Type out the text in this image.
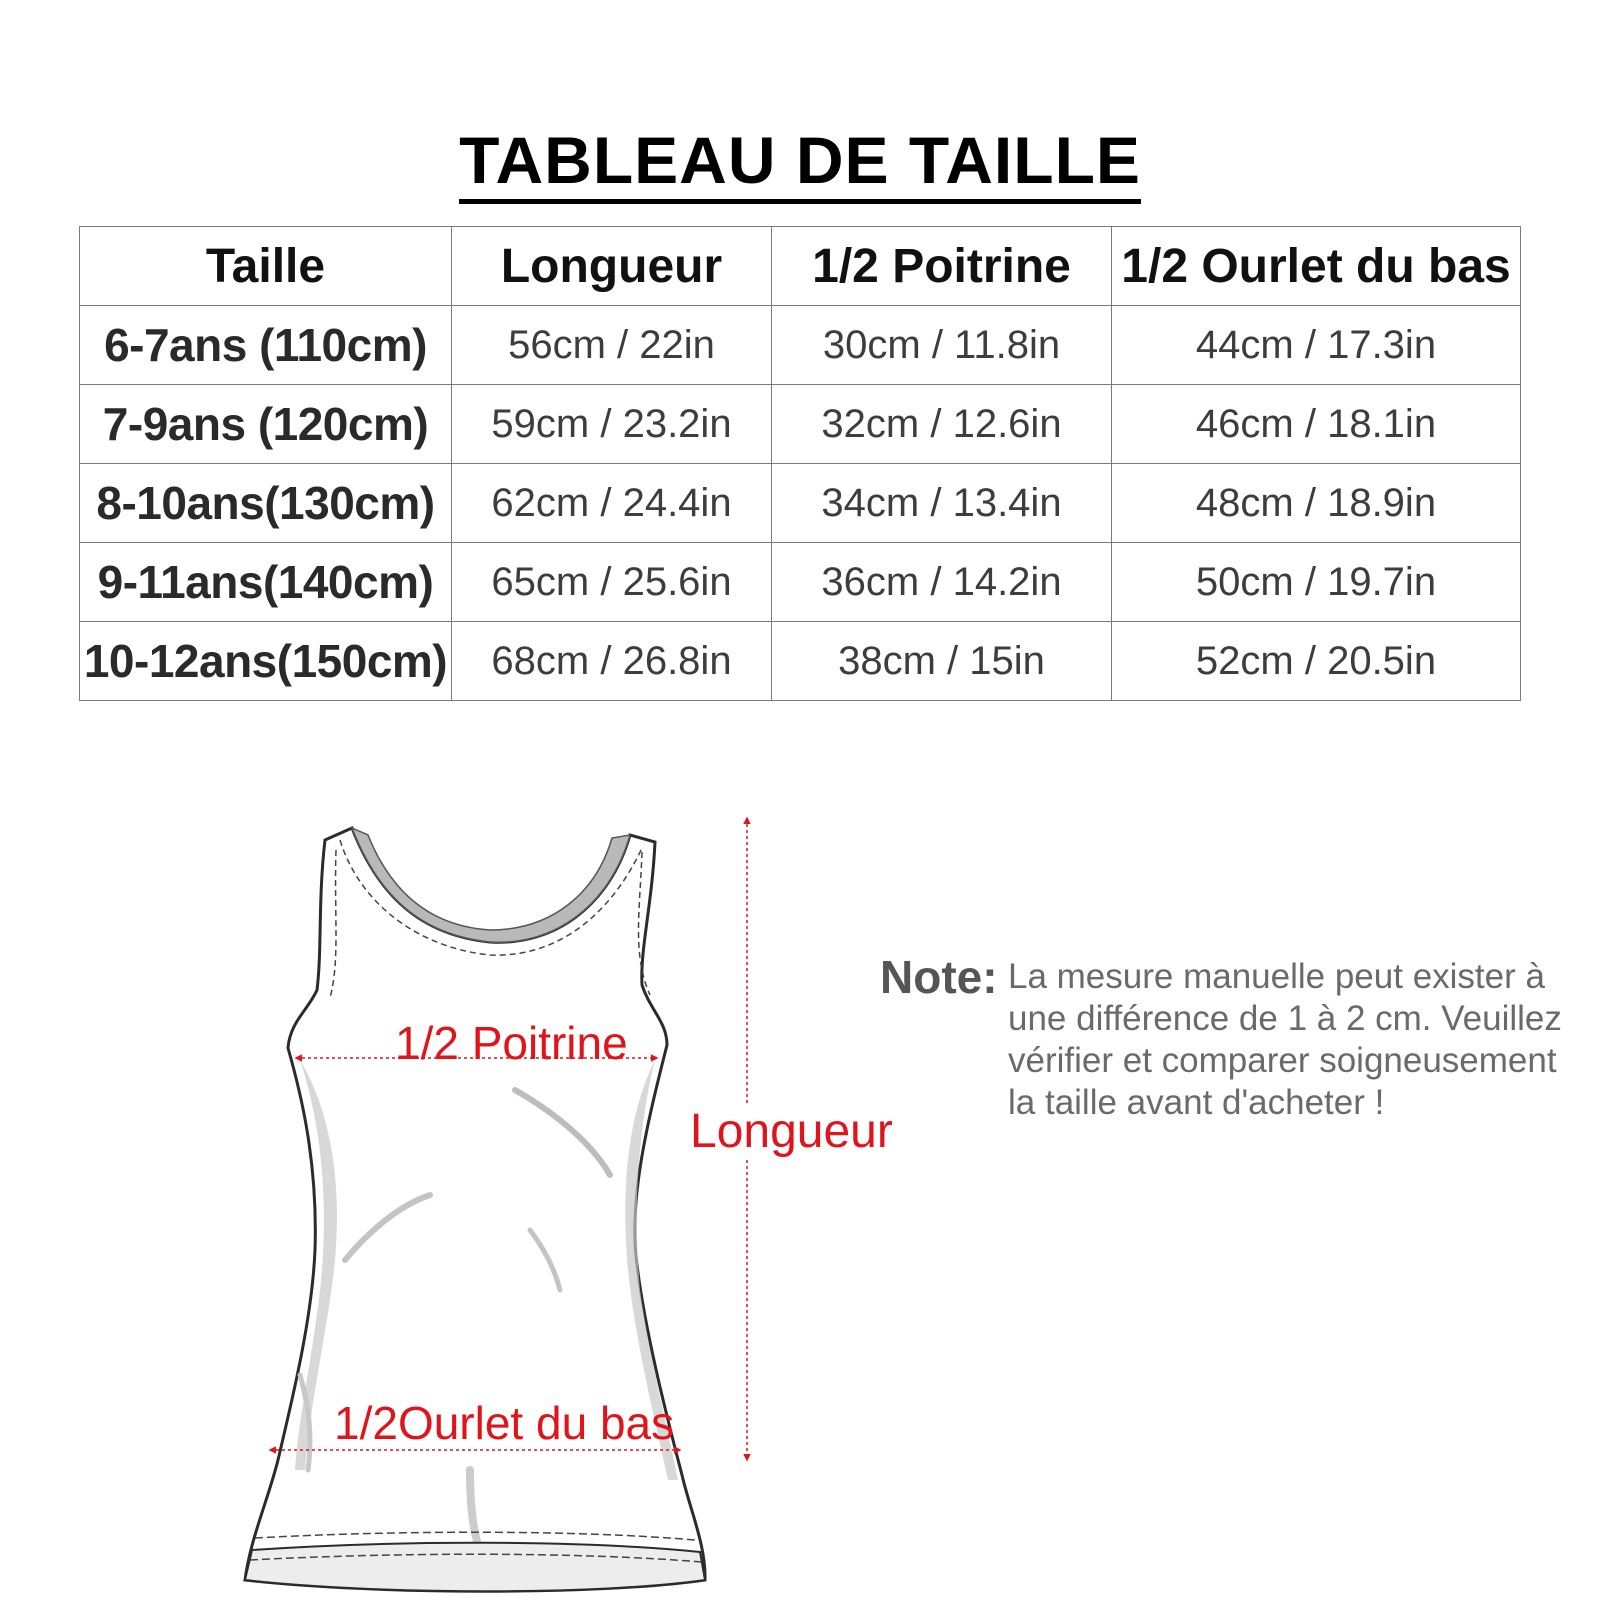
TABLEAU DE TAILLE
Taille	Longueur	1/2 Poitrine	1/2 Ourlet du bas
6-7ans (110cm)	56cm / 22in	30cm / 11.8in	44cm / 17.3in
7-9ans (120cm)	59cm / 23.2in	32cm / 12.6in	46cm / 18.1in
8-10ans(130cm)	62cm / 24.4in	34cm / 13.4in	48cm / 18.9in
9-11ans(140cm)	65cm / 25.6in	36cm / 14.2in	50cm / 19.7in
10-12ans(150cm)	68cm / 26.8in	38cm / 15in	52cm / 20.5in
1/2 Poitrine
1/2Ourlet du bas
Longueur
Note: La mesure manuelle peut exister à une différence de 1 à 2 cm. Veuillez vérifier et comparer soigneusement la taille avant d'acheter !
